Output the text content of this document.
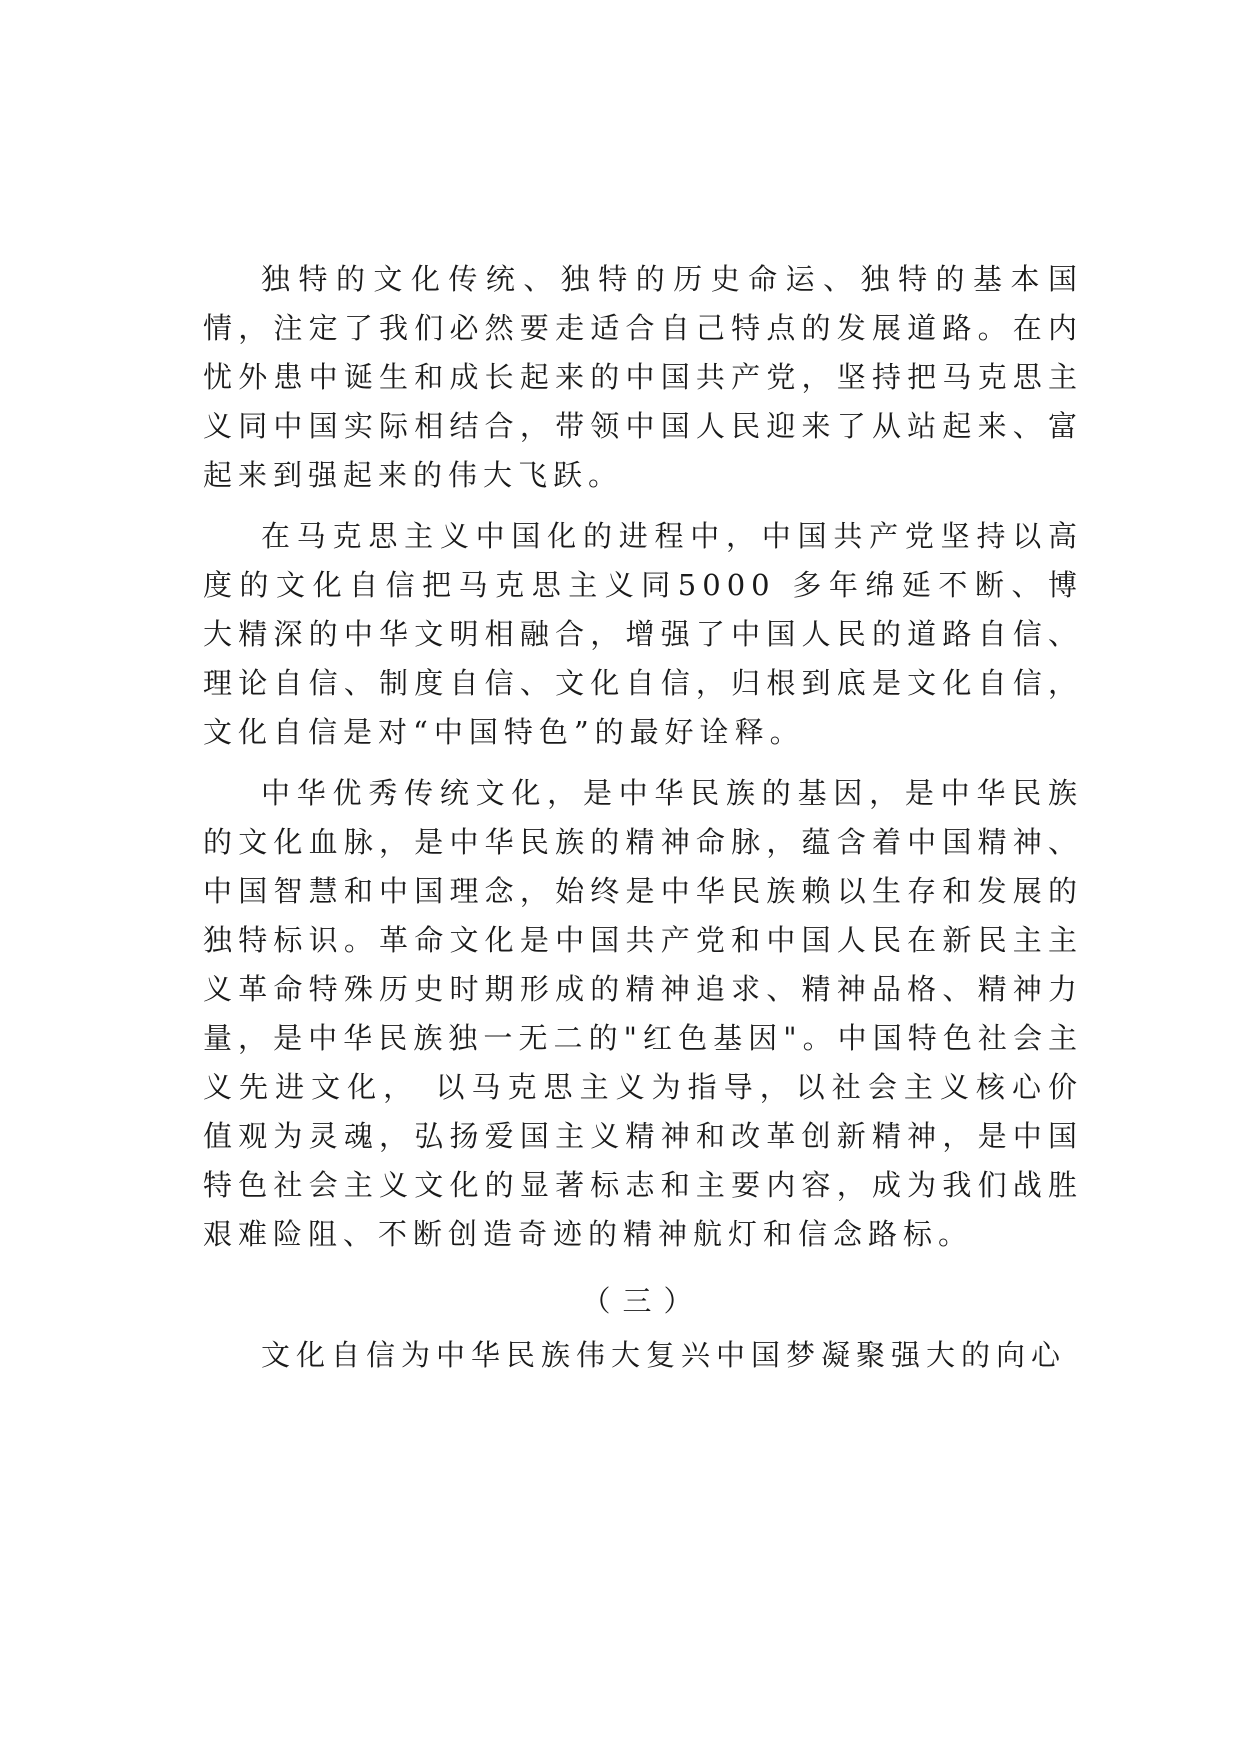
独特的文化传统、独特的历史命运、独特的基本国情，注定了我们必然要走适合自己特点的发展道路。在内忧外患中诞生和成长起来的中国共产党，坚持把马克思主义同中国实际相结合，带领中国人民迎来了从站起来、富起来到强起来的伟大飞跃。

在马克思主义中国化的进程中，中国共产党坚持以高度的文化自信把马克思主义同5000 多年绵延不断、博大精深的中华文明相融合，增强了中国人民的道路自信、理论自信、制度自信、文化自信，归根到底是文化自信，文化自信是对“中国特色”的最好诠释。

中华优秀传统文化，是中华民族的基因，是中华民族的文化血脉，是中华民族的精神命脉，蕴含着中国精神、中国智慧和中国理念，始终是中华民族赖以生存和发展的独特标识。革命文化是中国共产党和中国人民在新民主主义革命特殊历史时期形成的精神追求、精神品格、精神力量，是中华民族独一无二的"红色基因"。中国特色社会主义先进文化， 以马克思主义为指导，以社会主义核心价值观为灵魂，弘扬爱国主义精神和改革创新精神，是中国特色社会主义文化的显著标志和主要内容，成为我们战胜艰难险阻、不断创造奇迹的精神航灯和信念路标。

（三）

文化自信为中华民族伟大复兴中国梦凝聚强大的向心
